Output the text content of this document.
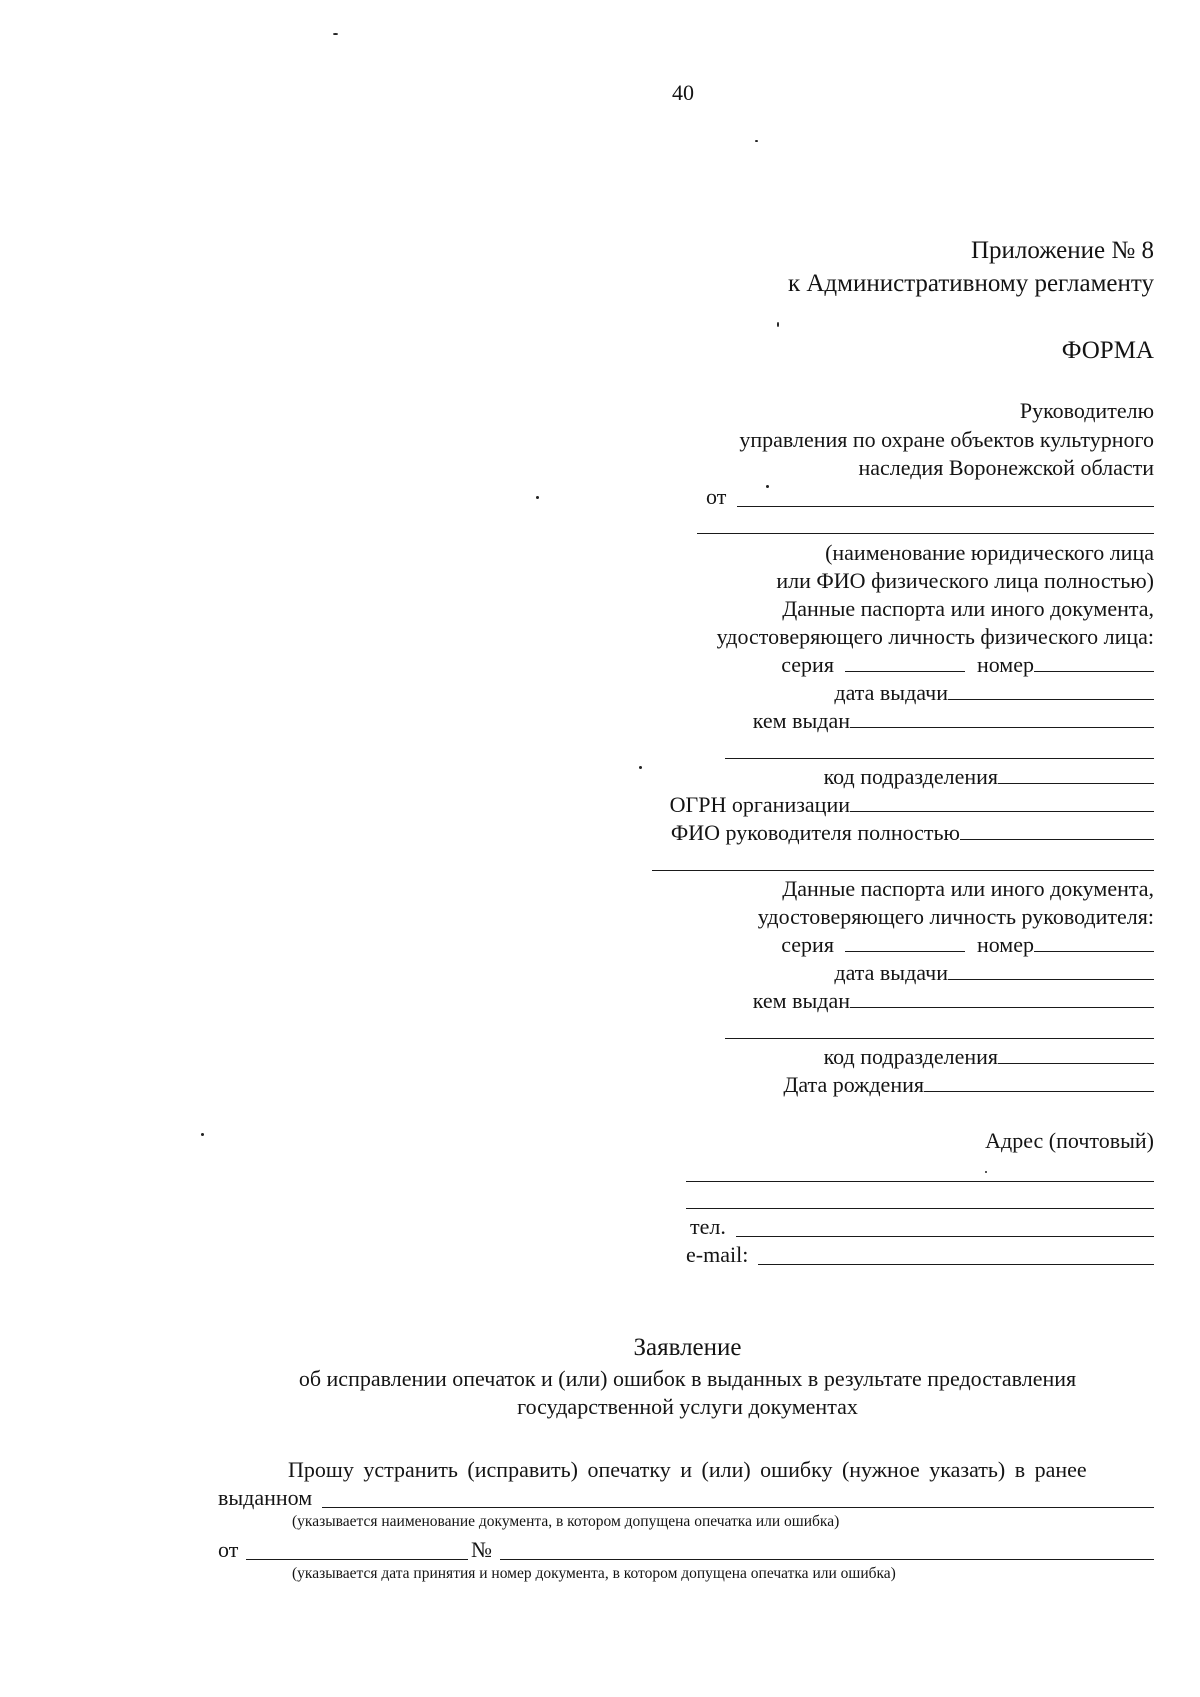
40
Приложение № 8
к Административному регламенту
ФОРМА
Руководителю
управления по охране объектов культурного
наследия Воронежской области
от
(наименование юридического лица
или ФИО физического лица полностью)
Данные паспорта или иного документа,
удостоверяющего личность физического лица:
серия	номер
дата выдачи
кем выдан
код подразделения
ОГРН организации
ФИО руководителя полностью
Данные паспорта или иного документа,
удостоверяющего личность руководителя:
серия	номер
дата выдачи
кем выдан
код подразделения
Дата рождения
Адрес (почтовый)
тел.
e-mail:
Заявление
об исправлении опечаток и (или) ошибок в выданных в результате предоставления
государственной услуги документах
Прошу устранить (исправить) опечатку и (или) ошибку (нужное указать) в ранее
выданном
(указывается наименование документа, в котором допущена опечатка или ошибка)
от	№
(указывается дата принятия и номер документа, в котором допущена опечатка или ошибка)
